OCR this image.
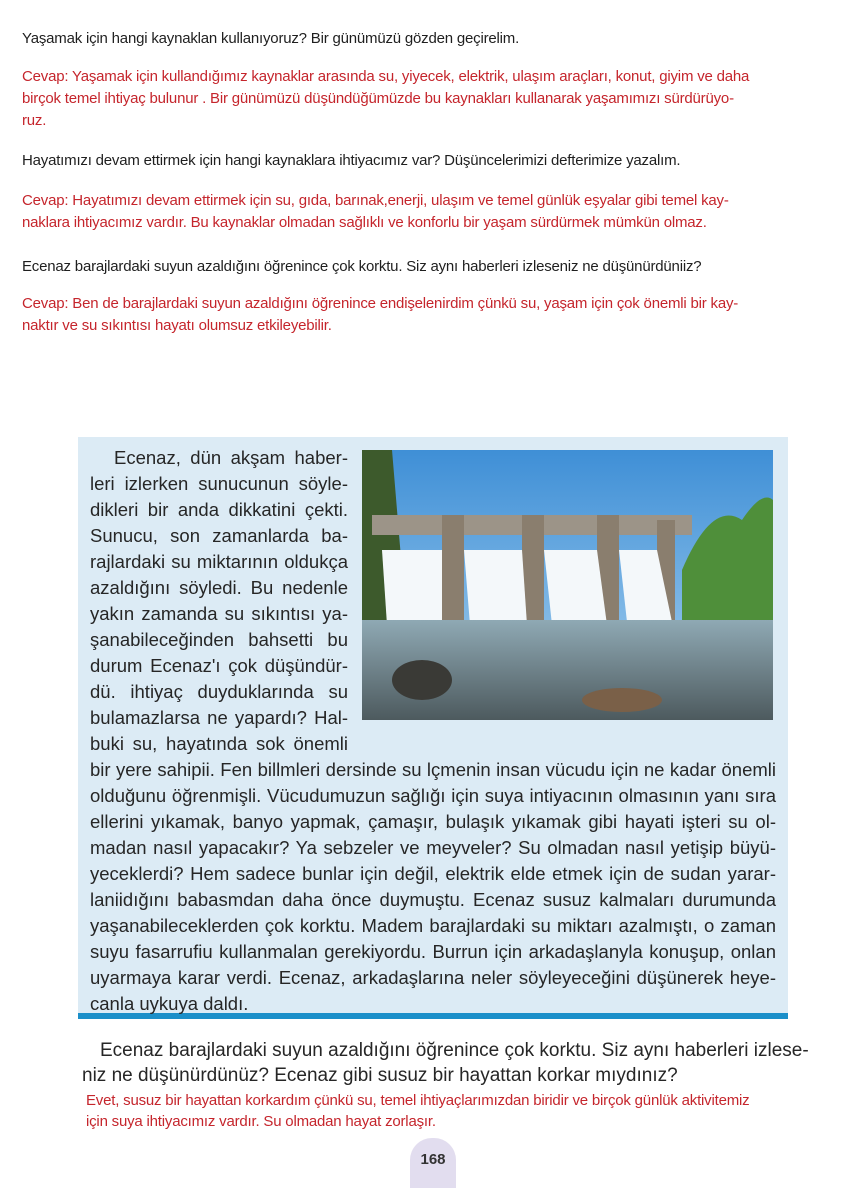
Yaşamak için hangi kaynaklan kullanıyoruz? Bir günümüzü gözden geçirelim.
Cevap: Yaşamak için kullandığımız kaynaklar arasında su, yiyecek, elektrik, ulaşım araçları, konut, giyim ve daha
birçok temel ihtiyaç bulunur . Bir günümüzü düşündüğümüzde bu kaynakları kullanarak yaşamımızı sürdürüyo-
ruz.
Hayatımızı devam ettirmek için hangi kaynaklara ihtiyacımız var? Düşüncelerimizi defterimize yazalım.
Cevap: Hayatımızı devam ettirmek için su, gıda, barınak,enerji, ulaşım ve temel günlük eşyalar gibi temel kay-
naklara ihtiyacımız vardır. Bu kaynaklar olmadan sağlıklı ve konforlu bir yaşam sürdürmek mümkün olmaz.
Ecenaz barajlardaki suyun azaldığını öğrenince çok korktu. Siz aynı haberleri izleseniz ne düşünürdüniiz?
Cevap: Ben de barajlardaki suyun azaldığını öğrenince endişelenirdim çünkü su, yaşam için çok önemli bir kay-
naktır ve su sıkıntısı hayatı olumsuz etkileyebilir.
Ecenaz, dün akşam haber-
leri izlerken sunucunun söyle-
dikleri bir anda dikkatini çekti.
Sunucu, son zamanlarda ba-
rajlardaki su miktarının oldukça
azaldığını söyledi. Bu nedenle
yakın zamanda su sıkıntısı ya-
şanabileceğinden bahsetti bu
durum Ecenaz'ı çok düşündür-
dü. ihtiyaç duyduklarında su
bulamazlarsa ne yapardı? Hal-
buki su, hayatında sok önemli
bir yere sahipii. Fen billmleri dersinde su lçmenin insan vücudu için ne kadar önemli
olduğunu öğrenmişli. Vücudumuzun sağlığı için suya intiyacının olmasının yanı sıra
ellerini yıkamak, banyo yapmak, çamaşır, bulaşık yıkamak gibi hayati işteri su ol-
madan nasıl yapacakır? Ya sebzeler ve meyveler? Su olmadan nasıl yetişip büyü-
yeceklerdi? Hem sadece bunlar için değil, elektrik elde etmek için de sudan yarar-
laniidığını babasmdan daha önce duymuştu. Ecenaz susuz kalmaları durumunda
yaşanabileceklerden çok korktu. Madem barajlardaki su miktarı azalmıştı, o zaman
suyu fasarrufiu kullanmalan gerekiyordu. Burrun için arkadaşlanyla konuşup, onlan
uyarmaya karar verdi. Ecenaz, arkadaşlarına neler söyleyeceğini düşünerek heye-
canla uykuya daldı.
Ecenaz barajlardaki suyun azaldığını öğrenince çok korktu. Siz aynı haberleri izlese-
niz ne düşünürdünüz? Ecenaz gibi susuz bir hayattan korkar mıydınız?
Evet, susuz bir hayattan korkardım çünkü su, temel ihtiyaçlarımızdan biridir ve birçok günlük aktivitemiz
için suya ihtiyacımız vardır. Su olmadan hayat zorlaşır.
168
